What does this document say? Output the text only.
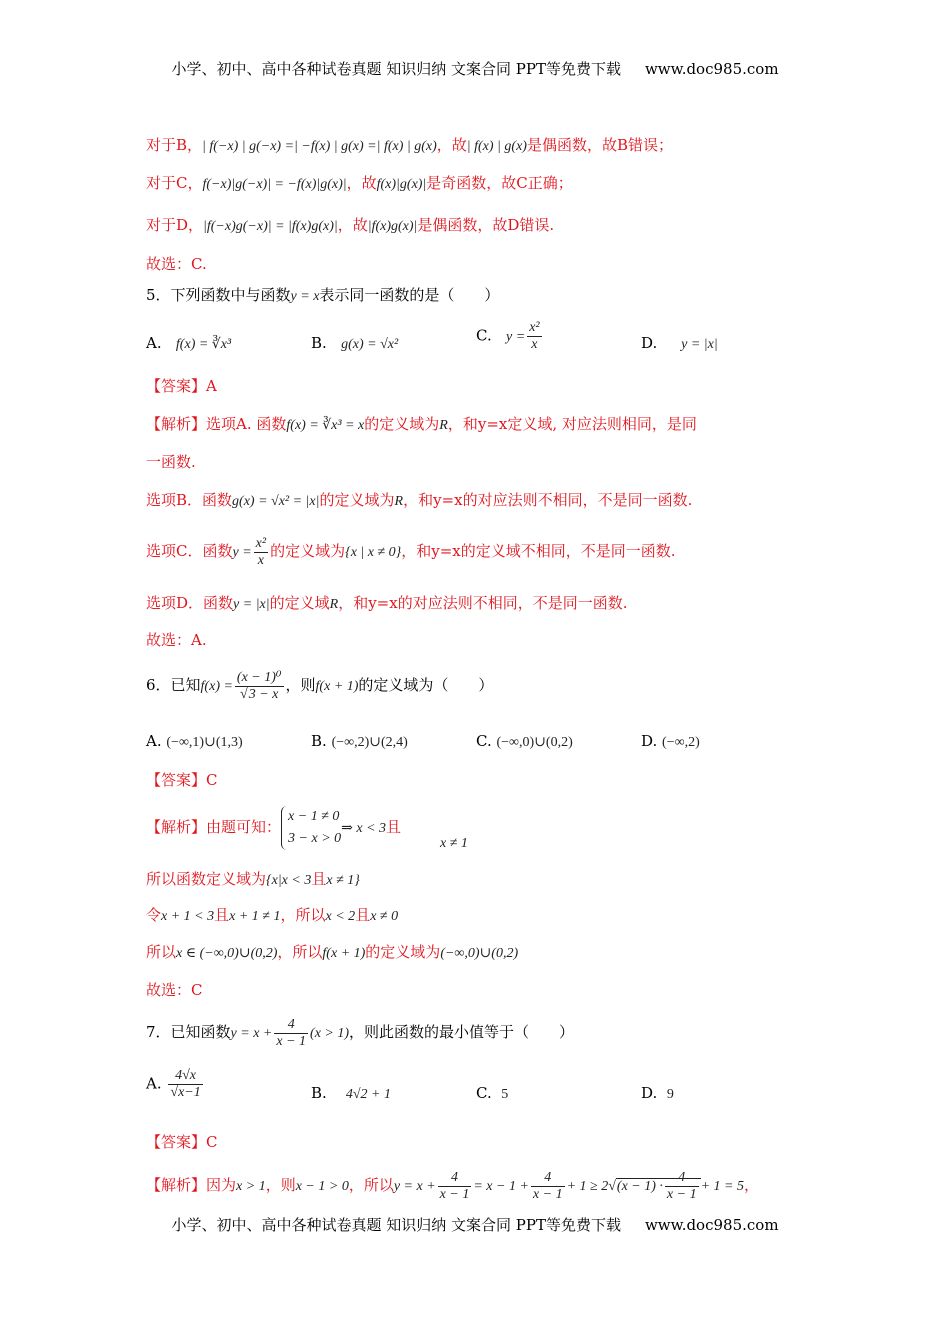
小学、初中、高中各种试卷真题 知识归纳 文案合同 PPT等免费下载 www.doc985.com
对于B，| f(−x) | g(−x) =| −f(x) | g(x) =| f(x) | g(x)，故| f(x) | g(x)是偶函数，故B错误；
对于C，f(−x)|g(−x)| = −f(x)|g(x)|，故f(x)|g(x)|是奇函数，故C正确；
对于D，|f(−x)g(−x)| = |f(x)g(x)|，故|f(x)g(x)|是偶函数，故D错误.
故选：C.
5．下列函数中与函数y = x表示同一函数的是（　　）
A. f(x) = ∛x³	B. g(x) = √x²	C. $y = \frac{\text{x²}}{x}$	D. y = |x|
【答案】A
【解析】选项A. 函数f(x) = ∛x³ = x的定义域为R，和y=x定义域, 对应法则相同，是同
一函数.
选项B．函数g(x) = √x² = |x|的定义域为R，和y=x的对应法则不相同，不是同一函数.
选项C．函数$y = \frac{\text{x²}}{x}$ 的定义域为{x | x ≠ 0}，和y=x的定义域不相同，不是同一函数.
选项D．函数y = |x|的定义域R，和y=x的对应法则不相同，不是同一函数.
故选：A.
6．已知$f(x) = \frac{\text{(x − 1)⁰}}{√3 - x}$ ，则f(x + 1)的定义域为（　　）
A. (−∞,1)∪(1,3)	B. (−∞,2)∪(2,4)	C. (−∞,0)∪(0,2)	D. (−∞,2)
【答案】C
【解析】由题可知：
x − 1 ≠ 0
3 − x > 0
⇒ x < 3且
x ≠ 1
所以函数定义域为{x|x < 3且x ≠ 1}
令x + 1 < 3且x + 1 ≠ 1，所以x < 2且x ≠ 0
所以x ∈ (−∞,0)∪(0,2)，所以f(x + 1)的定义域为(−∞,0)∪(0,2)
故选：C
7．已知函数$y = x + \frac{4}{x - 1} (x > 1)$，则此函数的最小值等于（　　）
A. $\frac{4√x}{√x-1}$	B. 4√2 + 1	C. 5	D. 9
【答案】C
【解析】因为x > 1，则x − 1 > 0，所以$y = x + \frac{4}{x - 1} = x - 1 + \frac{4}{x - 1} + 1 \ge 2√(x - 1) \cdot \frac{4}{x - 1} + 1 = 5$，
小学、初中、高中各种试卷真题 知识归纳 文案合同 PPT等免费下载 www.doc985.com
